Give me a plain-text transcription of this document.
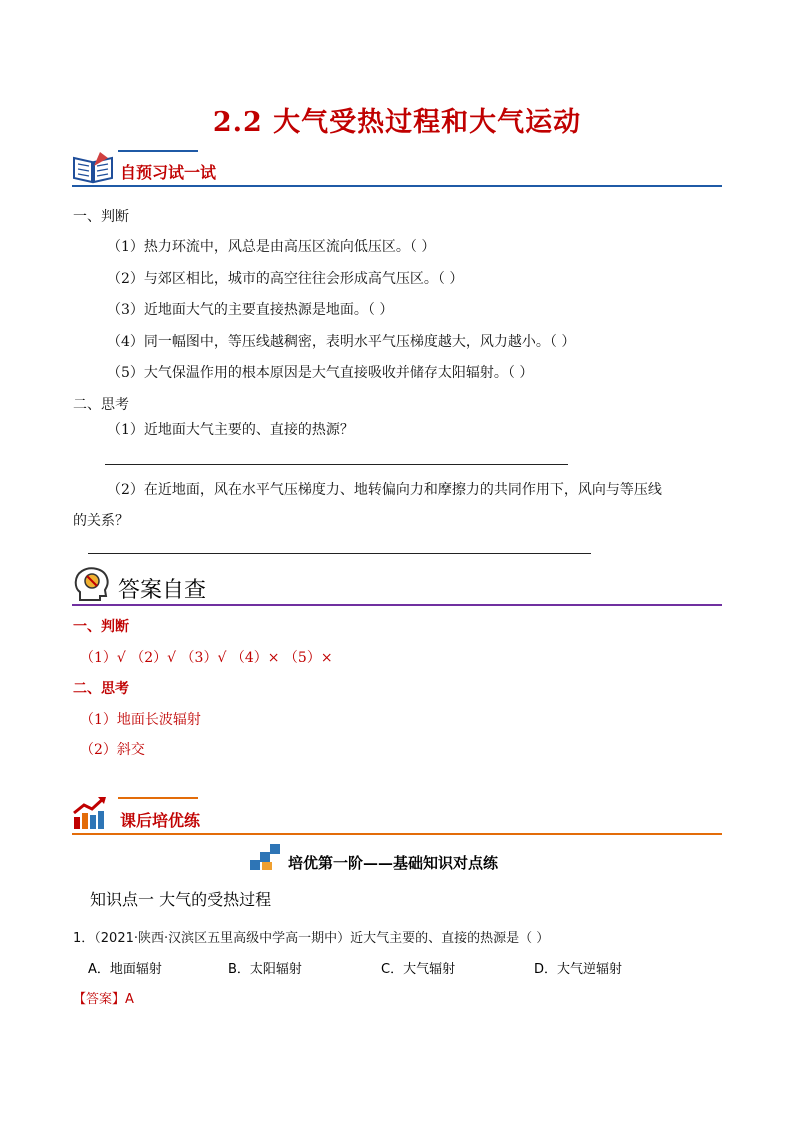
2.2 大气受热过程和大气运动
自预习试一试
一、判断
（1）热力环流中，风总是由高压区流向低压区。（ ）
（2）与郊区相比，城市的高空往往会形成高气压区。（ ）
（3）近地面大气的主要直接热源是地面。（ ）
（4）同一幅图中，等压线越稠密，表明水平气压梯度越大，风力越小。（ ）
（5）大气保温作用的根本原因是大气直接吸收并储存太阳辐射。（ ）
二、思考
（1）近地面大气主要的、直接的热源？
（2）在近地面，风在水平气压梯度力、地转偏向力和摩擦力的共同作用下，风向与等压线
的关系？
答案自查
一、判断
（1）√ （2）√ （3）√ （4）× （5）×
二、思考
（1）地面长波辐射
（2）斜交
课后培优练
培优第一阶——基础知识对点练
知识点一 大气的受热过程
1．（2021·陕西·汉滨区五里高级中学高一期中）近大气主要的、直接的热源是（ ）
A．地面辐射	B．太阳辐射	C．大气辐射	D．大气逆辐射
【答案】A
